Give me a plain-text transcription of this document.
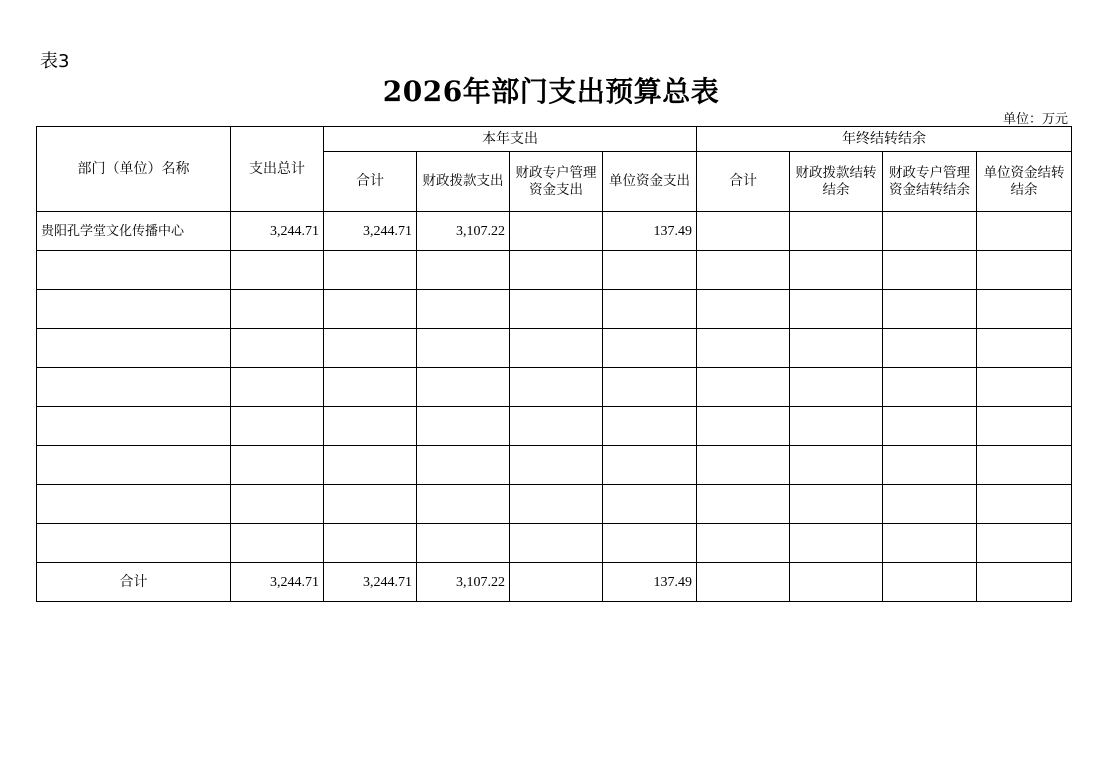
表3
2026年部门支出预算总表
单位：万元
部门（单位）名称	支出总计	本年支出				年终结转结余			
		合计	财政拨款支出	财政专户管理资金支出	单位资金支出	合计	财政拨款结转结余	财政专户管理资金结转结余	单位资金结转结余
贵阳孔学堂文化传播中心	3,244.71	3,244.71	3,107.22		137.49				

合计	3,244.71	3,244.71	3,107.22		137.49				
